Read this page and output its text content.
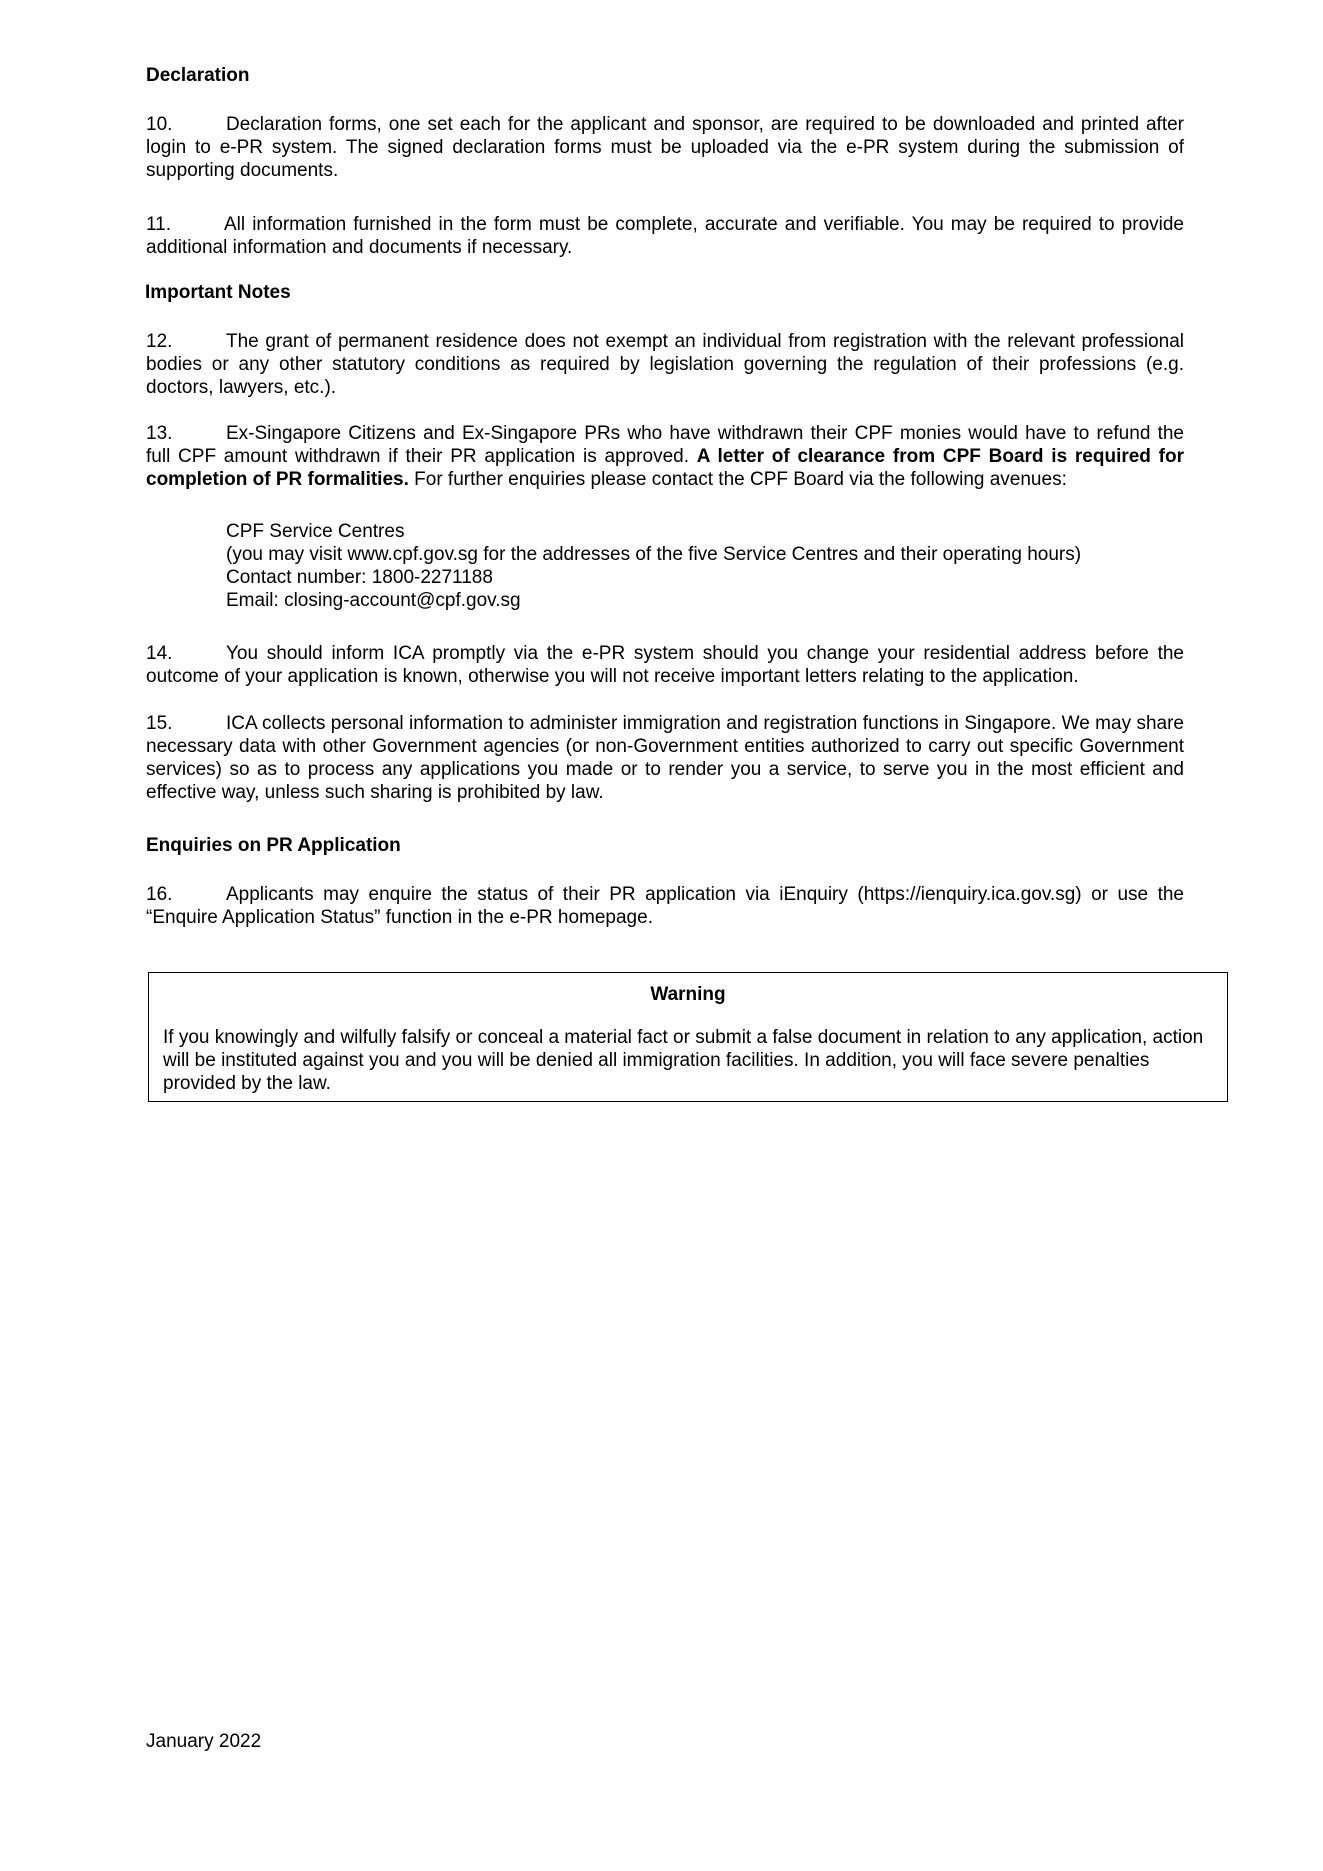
Declaration

10.	Declaration forms, one set each for the applicant and sponsor, are required to be downloaded and printed after login to e-PR system. The signed declaration forms must be uploaded via the e-PR system during the submission of supporting documents.

11.	All information furnished in the form must be complete, accurate and verifiable. You may be required to provide additional information and documents if necessary.

Important Notes

12.	The grant of permanent residence does not exempt an individual from registration with the relevant professional bodies or any other statutory conditions as required by legislation governing the regulation of their professions (e.g. doctors, lawyers, etc.).

13.	Ex-Singapore Citizens and Ex-Singapore PRs who have withdrawn their CPF monies would have to refund the full CPF amount withdrawn if their PR application is approved. A letter of clearance from CPF Board is required for completion of PR formalities. For further enquiries please contact the CPF Board via the following avenues:

CPF Service Centres
(you may visit www.cpf.gov.sg for the addresses of the five Service Centres and their operating hours)
Contact number: 1800-2271188
Email: closing-account@cpf.gov.sg

14.	You should inform ICA promptly via the e-PR system should you change your residential address before the outcome of your application is known, otherwise you will not receive important letters relating to the application.

15.	ICA collects personal information to administer immigration and registration functions in Singapore. We may share necessary data with other Government agencies (or non-Government entities authorized to carry out specific Government services) so as to process any applications you made or to render you a service, to serve you in the most efficient and effective way, unless such sharing is prohibited by law.

Enquiries on PR Application

16.	Applicants may enquire the status of their PR application via iEnquiry (https://ienquiry.ica.gov.sg) or use the “Enquire Application Status” function in the e-PR homepage.

Warning

If you knowingly and wilfully falsify or conceal a material fact or submit a false document in relation to any application, action will be instituted against you and you will be denied all immigration facilities. In addition, you will face severe penalties provided by the law.

January 2022
